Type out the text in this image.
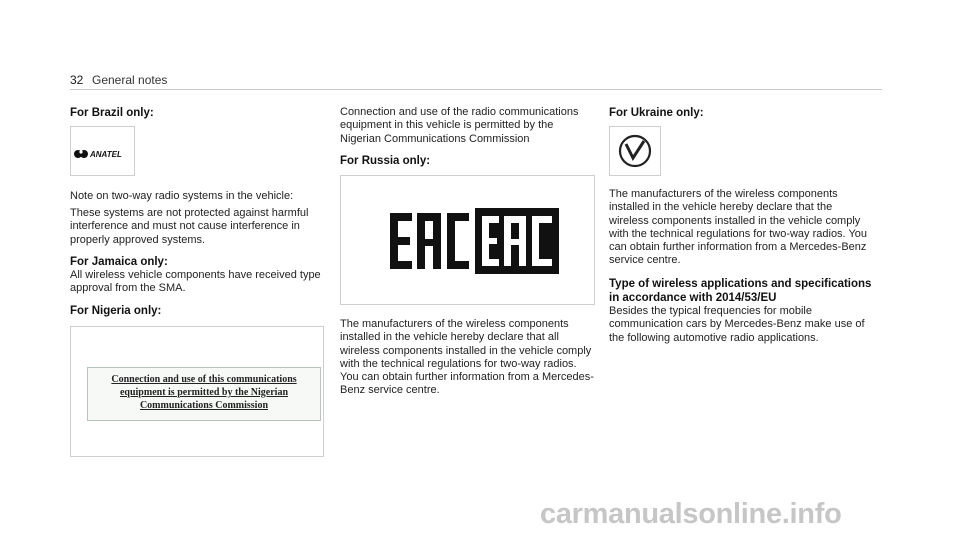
32 General notes

For Brazil only:

ANATEL

Note on two-way radio systems in the vehicle:

These systems are not protected against harmful interference and must not cause interference in properly approved systems.

For Jamaica only:

All wireless vehicle components have received type approval from the SMA.

For Nigeria only:

Connection and use of this communications
equipment is permitted by the Nigerian
Communications Commission

Connection and use of the radio communications equipment in this vehicle is permitted by the Nigerian Communications Commission

For Russia only:

The manufacturers of the wireless components installed in the vehicle hereby declare that all wireless components installed in the vehicle comply with the technical regulations for two-way radios. You can obtain further information from a Mercedes-Benz service centre.

For Ukraine only:

The manufacturers of the wireless components installed in the vehicle hereby declare that the wireless components installed in the vehicle comply with the technical regulations for two-way radios. You can obtain further information from a Mercedes-Benz service centre.

Type of wireless applications and specifications in accordance with 2014/53/EU

Besides the typical frequencies for mobile communication cars by Mercedes-Benz make use of the following automotive radio applications.

carmanualsonline.info
